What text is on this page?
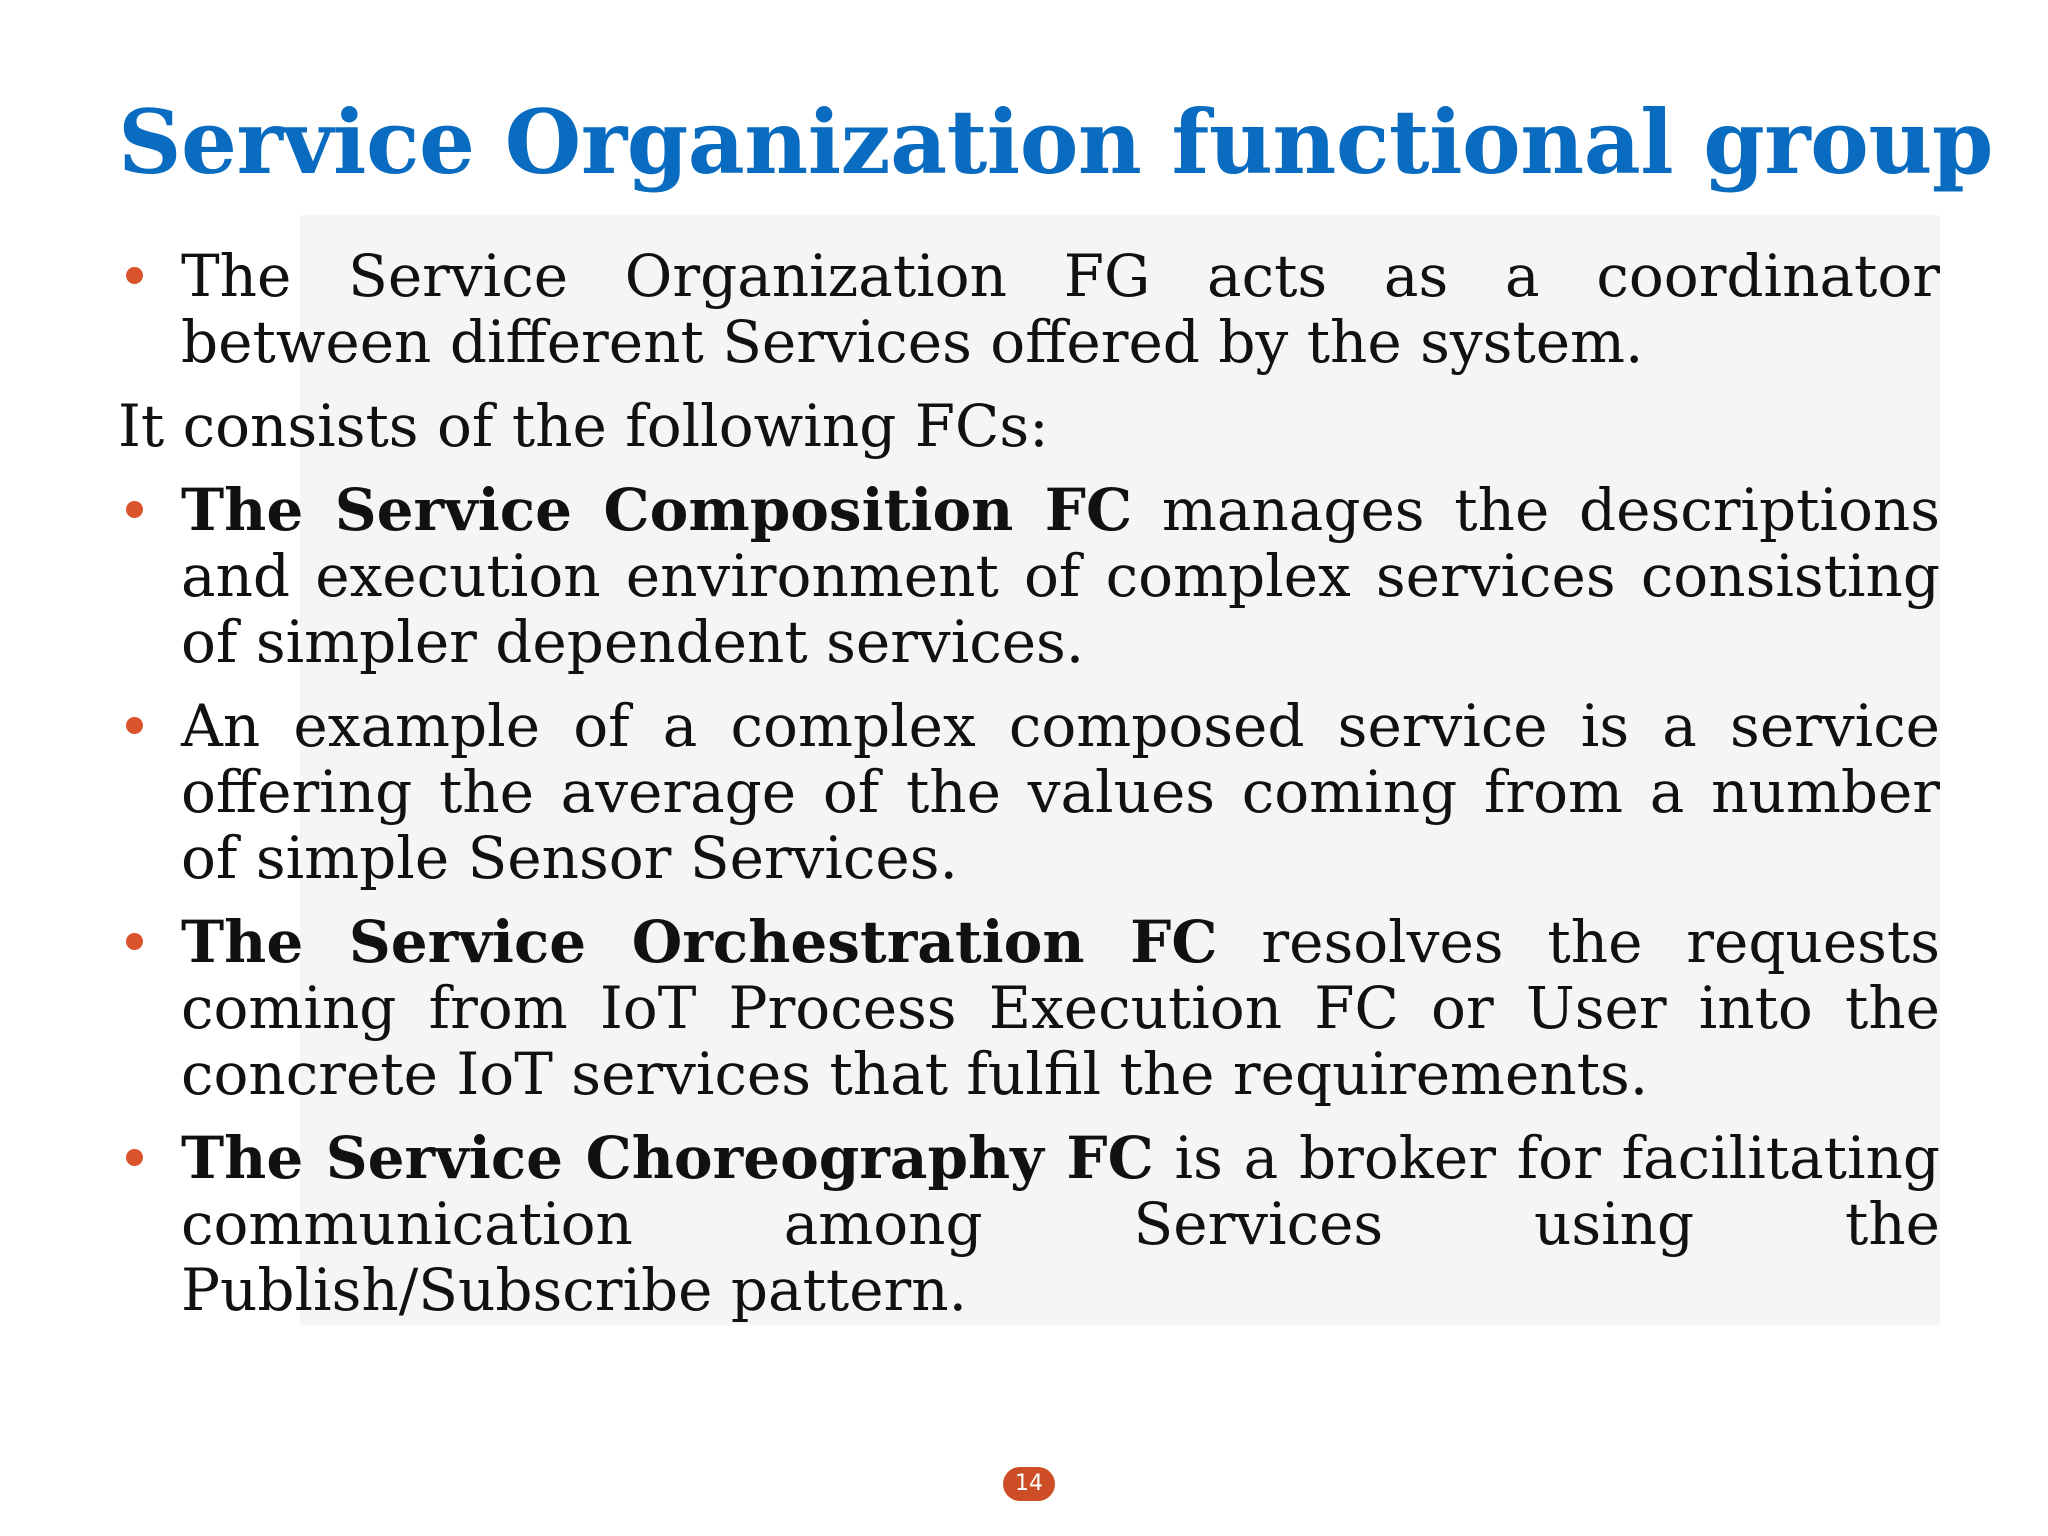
Service Organization functional group
The Service Organization FG acts as a coordinator between different Services offered by the system.
It consists of the following FCs:
The Service Composition FC manages the descriptions and execution environment of complex services consisting of simpler dependent services.
An example of a complex composed service is a service offering the average of the values coming from a number of simple Sensor Services.
The Service Orchestration FC resolves the requests coming from IoT Process Execution FC or User into the concrete IoT services that fulfil the requirements.
The Service Choreography FC is a broker for facilitating communication among Services using the
Publish/Subscribe pattern.
14
